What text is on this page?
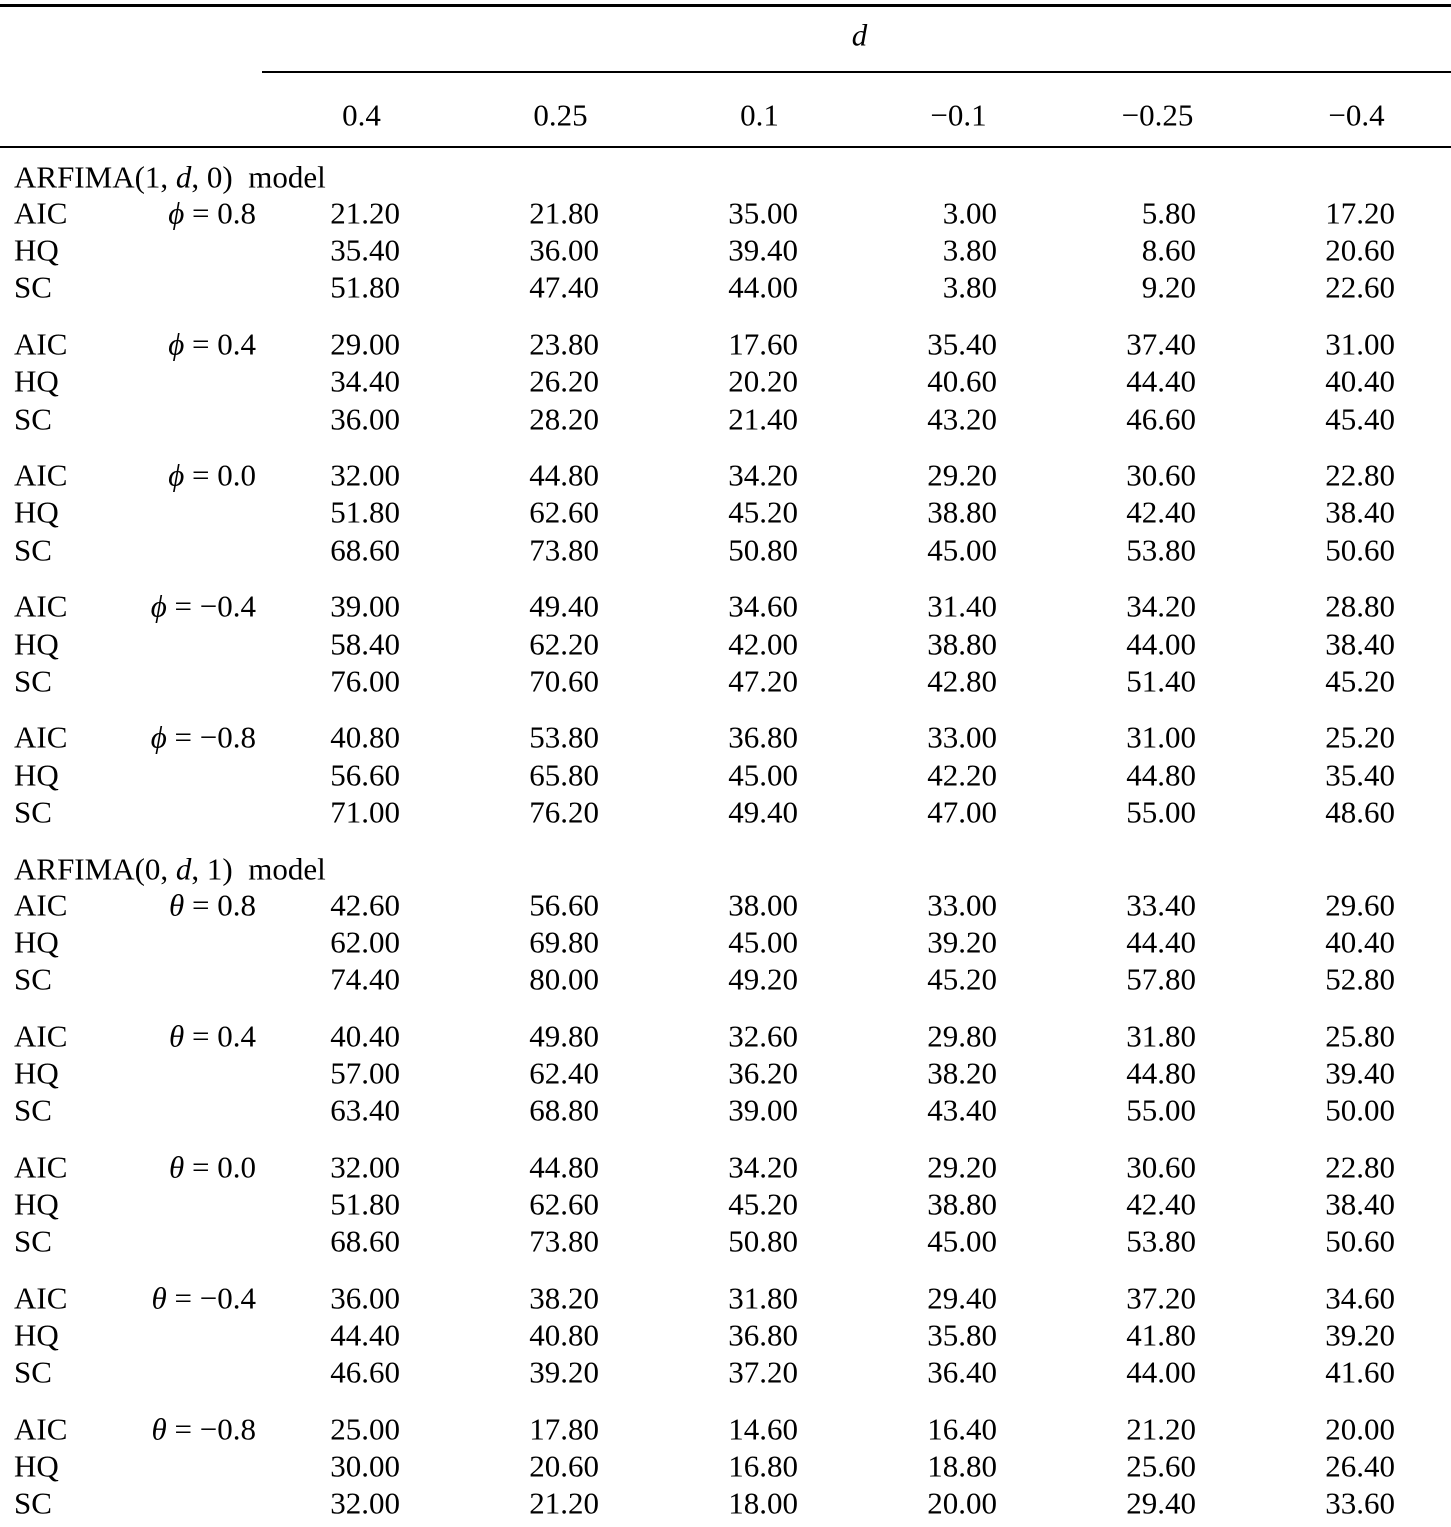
d
0.4	0.25	0.1	−0.1	−0.25	−0.4
ARFIMA(1, d, 0)  model
ϕ = 0.8
AIC	21.20	21.80	35.00	3.00	5.80	17.20
HQ	35.40	36.00	39.40	3.80	8.60	20.60
SC	51.80	47.40	44.00	3.80	9.20	22.60
ϕ = 0.4
AIC	29.00	23.80	17.60	35.40	37.40	31.00
HQ	34.40	26.20	20.20	40.60	44.40	40.40
SC	36.00	28.20	21.40	43.20	46.60	45.40
ϕ = 0.0
AIC	32.00	44.80	34.20	29.20	30.60	22.80
HQ	51.80	62.60	45.20	38.80	42.40	38.40
SC	68.60	73.80	50.80	45.00	53.80	50.60
ϕ = −0.4
AIC	39.00	49.40	34.60	31.40	34.20	28.80
HQ	58.40	62.20	42.00	38.80	44.00	38.40
SC	76.00	70.60	47.20	42.80	51.40	45.20
ϕ = −0.8
AIC	40.80	53.80	36.80	33.00	31.00	25.20
HQ	56.60	65.80	45.00	42.20	44.80	35.40
SC	71.00	76.20	49.40	47.00	55.00	48.60
ARFIMA(0, d, 1)  model
θ = 0.8
AIC	42.60	56.60	38.00	33.00	33.40	29.60
HQ	62.00	69.80	45.00	39.20	44.40	40.40
SC	74.40	80.00	49.20	45.20	57.80	52.80
θ = 0.4
AIC	40.40	49.80	32.60	29.80	31.80	25.80
HQ	57.00	62.40	36.20	38.20	44.80	39.40
SC	63.40	68.80	39.00	43.40	55.00	50.00
θ = 0.0
AIC	32.00	44.80	34.20	29.20	30.60	22.80
HQ	51.80	62.60	45.20	38.80	42.40	38.40
SC	68.60	73.80	50.80	45.00	53.80	50.60
θ = −0.4
AIC	36.00	38.20	31.80	29.40	37.20	34.60
HQ	44.40	40.80	36.80	35.80	41.80	39.20
SC	46.60	39.20	37.20	36.40	44.00	41.60
θ = −0.8
AIC	25.00	17.80	14.60	16.40	21.20	20.00
HQ	30.00	20.60	16.80	18.80	25.60	26.40
SC	32.00	21.20	18.00	20.00	29.40	33.60
